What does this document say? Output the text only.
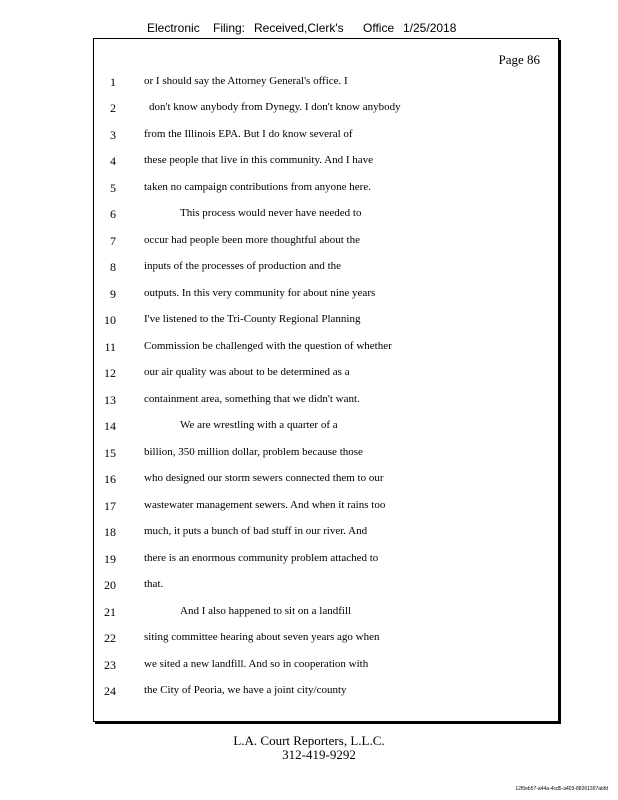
Electronic Filing: Received,Clerk's Office 1/25/2018
Page 86
1	or I should say the Attorney General's office. I
2	don't know anybody from Dynegy. I don't know anybody
3	from the Illinois EPA. But I do know several of
4	these people that live in this community. And I have
5	taken no campaign contributions from anyone here.
6	This process would never have needed to
7	occur had people been more thoughtful about the
8	inputs of the processes of production and the
9	outputs. In this very community for about nine years
10	I've listened to the Tri-County Regional Planning
11	Commission be challenged with the question of whether
12	our air quality was about to be determined as a
13	containment area, something that we didn't want.
14	We are wrestling with a quarter of a
15	billion, 350 million dollar, problem because those
16	who designed our storm sewers connected them to our
17	wastewater management sewers. And when it rains too
18	much, it puts a bunch of bad stuff in our river. And
19	there is an enormous community problem attached to
20	that.
21	And I also happened to sit on a landfill
22	siting committee hearing about seven years ago when
23	we sited a new landfill. And so in cooperation with
24	the City of Peoria, we have a joint city/county
L.A. Court Reporters, L.L.C.
312-419-9292
12f0eb57-a44a-4cd5-a403-88261397abfd
